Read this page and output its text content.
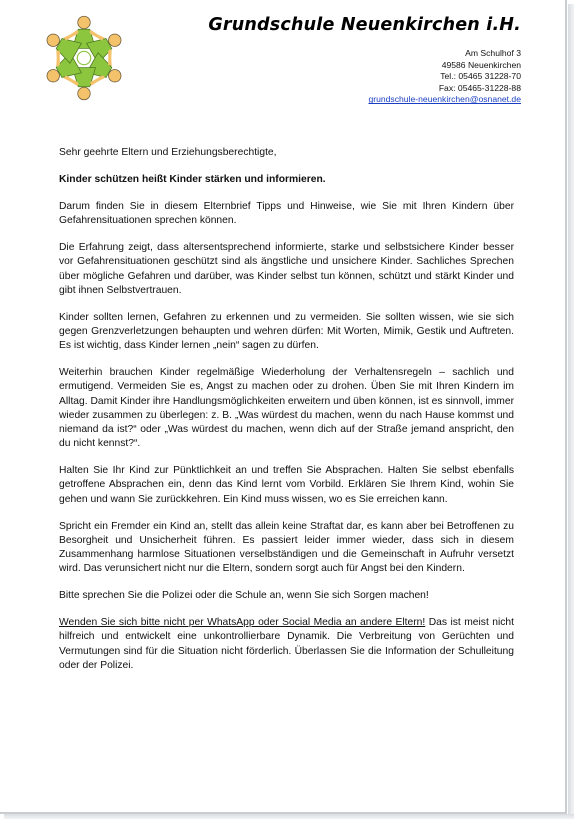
Grundschule Neuenkirchen i.H.
Am Schulhof 3
49586 Neuenkirchen
Tel.: 05465 31228-70
Fax: 05465-31228-88
grundschule-neuenkirchen@osnanet.de

Sehr geehrte Eltern und Erziehungsberechtigte,

Kinder schützen heißt Kinder stärken und informieren.

Darum finden Sie in diesem Elternbrief Tipps und Hinweise, wie Sie mit Ihren Kindern über Gefahrensituationen sprechen können.

Die Erfahrung zeigt, dass altersentsprechend informierte, starke und selbstsichere Kinder besser vor Gefahrensituationen geschützt sind als ängstliche und unsichere Kinder. Sachliches Sprechen über mögliche Gefahren und darüber, was Kinder selbst tun können, schützt und stärkt Kinder und gibt ihnen Selbstvertrauen.

Kinder sollten lernen, Gefahren zu erkennen und zu vermeiden. Sie sollten wissen, wie sie sich gegen Grenzverletzungen behaupten und wehren dürfen: Mit Worten, Mimik, Gestik und Auftreten. Es ist wichtig, dass Kinder lernen „nein“ sagen zu dürfen.

Weiterhin brauchen Kinder regelmäßige Wiederholung der Verhaltensregeln – sachlich und ermutigend. Vermeiden Sie es, Angst zu machen oder zu drohen. Üben Sie mit Ihren Kindern im Alltag. Damit Kinder ihre Handlungsmöglichkeiten erweitern und üben können, ist es sinnvoll, immer wieder zusammen zu überlegen: z. B. „Was würdest du machen, wenn du nach Hause kommst und niemand da ist?“ oder „Was würdest du machen, wenn dich auf der Straße jemand anspricht, den du nicht kennst?“.

Halten Sie Ihr Kind zur Pünktlichkeit an und treffen Sie Absprachen. Halten Sie selbst ebenfalls getroffene Absprachen ein, denn das Kind lernt vom Vorbild. Erklären Sie Ihrem Kind, wohin Sie gehen und wann Sie zurückkehren. Ein Kind muss wissen, wo es Sie erreichen kann.

Spricht ein Fremder ein Kind an, stellt das allein keine Straftat dar, es kann aber bei Betroffenen zu Besorgheit und Unsicherheit führen. Es passiert leider immer wieder, dass sich in diesem Zusammenhang harmlose Situationen verselbständigen und die Gemeinschaft in Aufruhr versetzt wird. Das verunsichert nicht nur die Eltern, sondern sorgt auch für Angst bei den Kindern.

Bitte sprechen Sie die Polizei oder die Schule an, wenn Sie sich Sorgen machen!

Wenden Sie sich bitte nicht per WhatsApp oder Social Media an andere Eltern! Das ist meist nicht hilfreich und entwickelt eine unkontrollierbare Dynamik. Die Verbreitung von Gerüchten und Vermutungen sind für die Situation nicht förderlich. Überlassen Sie die Information der Schulleitung oder der Polizei.
